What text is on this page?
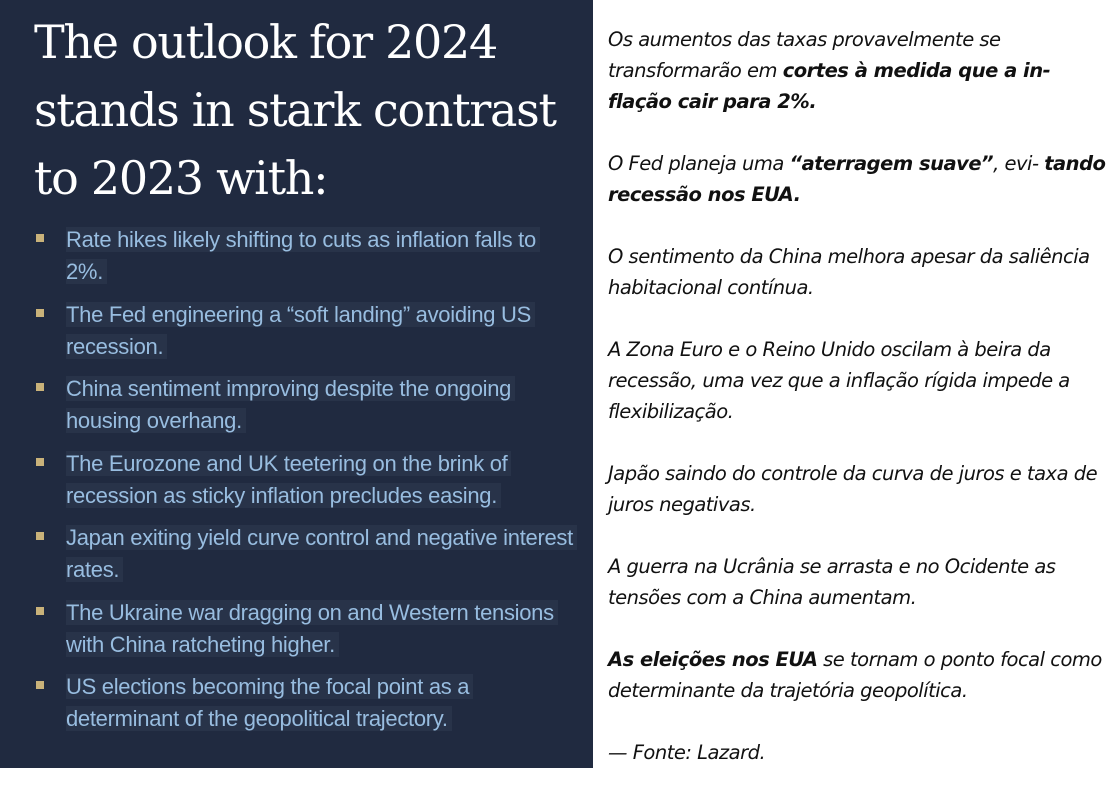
The outlook for 2024 stands in stark contrast to 2023 with:
Rate hikes likely shifting to cuts as inflation falls to 2%.
The Fed engineering a “soft landing” avoiding US recession.
China sentiment improving despite the ongoing housing overhang.
The Eurozone and UK teetering on the brink of recession as sticky inflation precludes easing.
Japan exiting yield curve control and negative interest rates.
The Ukraine war dragging on and Western tensions with China ratcheting higher.
US elections becoming the focal point as a determinant of the geopolitical trajectory.

Os aumentos das taxas provavelmente se transformarão em cortes à medida que a in-flação cair para 2%.

O Fed planeja uma “aterragem suave”, evi- tando recessão nos EUA.

O sentimento da China melhora apesar da saliência habitacional contínua.

A Zona Euro e o Reino Unido oscilam à beira da recessão, uma vez que a inflação rígida impede a flexibilização.

Japão saindo do controle da curva de juros e taxa de juros negativas.

A guerra na Ucrânia se arrasta e no Ocidente as tensões com a China aumentam.

As eleições nos EUA se tornam o ponto focal como determinante da trajetória geopolítica.

— Fonte: Lazard.
